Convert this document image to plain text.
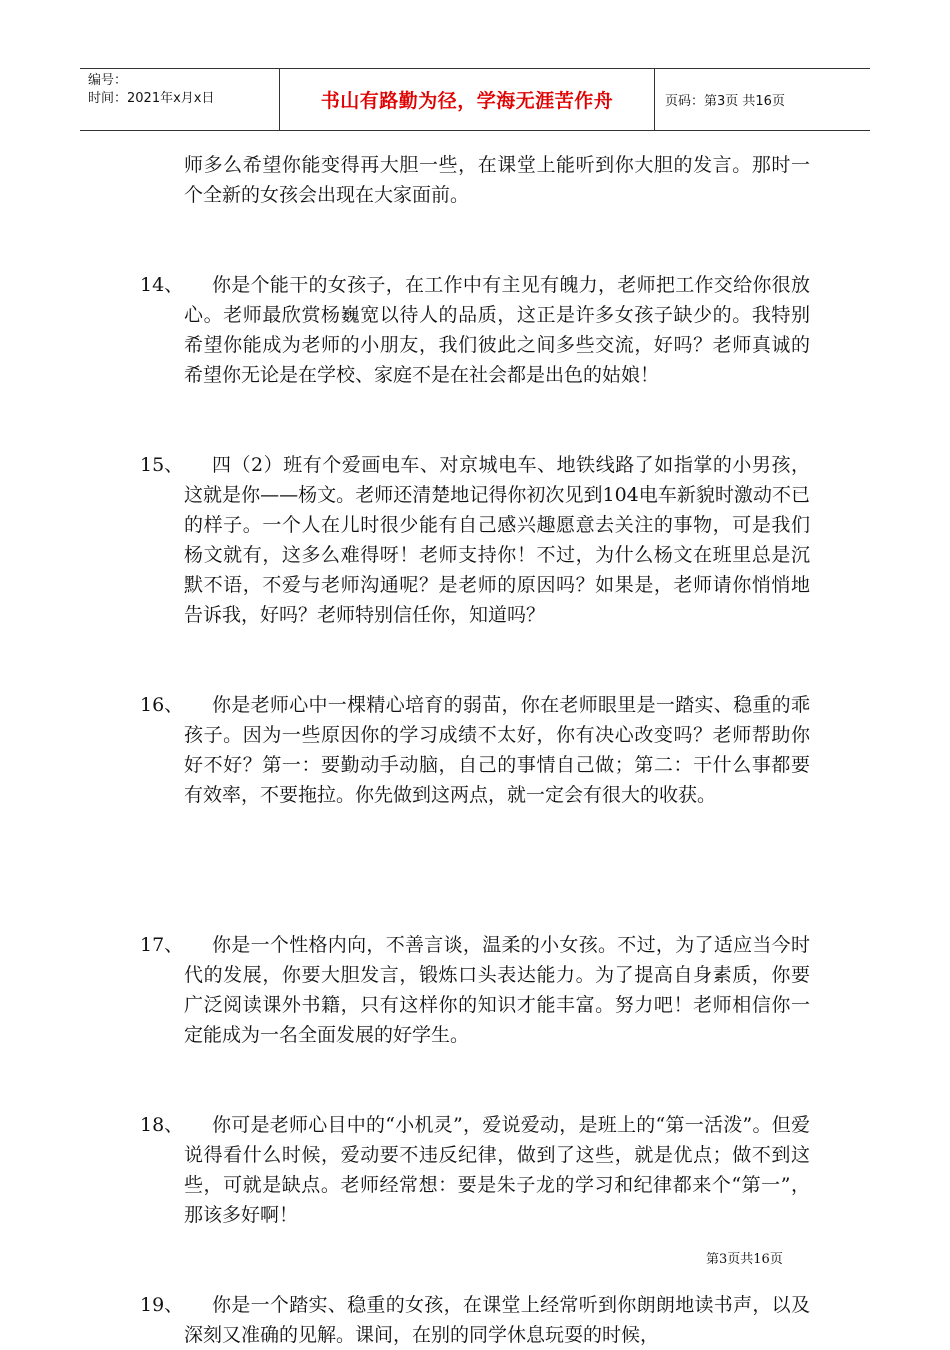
编号：
时间：2021年x月x日	书山有路勤为径，学海无涯苦作舟	页码：第3页 共16页
师多么希望你能变得再大胆一些，在课堂上能听到你大胆的发言。那时一个全新的女孩会出现在大家面前。
14、	你是个能干的女孩子，在工作中有主见有魄力，老师把工作交给你很放心。老师最欣赏杨巍宽以待人的品质，这正是许多女孩子缺少的。我特别希望你能成为老师的小朋友，我们彼此之间多些交流，好吗？老师真诚的希望你无论是在学校、家庭不是在社会都是出色的姑娘！
15、	四（2）班有个爱画电车、对京城电车、地铁线路了如指掌的小男孩，这就是你——杨文。老师还清楚地记得你初次见到104电车新貌时激动不已的样子。一个人在儿时很少能有自己感兴趣愿意去关注的事物，可是我们杨文就有，这多么难得呀！老师支持你！不过，为什么杨文在班里总是沉默不语，不爱与老师沟通呢？是老师的原因吗？如果是，老师请你悄悄地告诉我，好吗？老师特别信任你，知道吗？
16、	你是老师心中一棵精心培育的弱苗，你在老师眼里是一踏实、稳重的乖孩子。因为一些原因你的学习成绩不太好，你有决心改变吗？老师帮助你好不好？第一：要勤动手动脑，自己的事情自己做；第二：干什么事都要有效率，不要拖拉。你先做到这两点，就一定会有很大的收获。
17、	你是一个性格内向，不善言谈，温柔的小女孩。不过，为了适应当今时代的发展，你要大胆发言，锻炼口头表达能力。为了提高自身素质，你要广泛阅读课外书籍，只有这样你的知识才能丰富。努力吧！老师相信你一定能成为一名全面发展的好学生。
18、	你可是老师心目中的“小机灵”，爱说爱动，是班上的“第一活泼”。但爱说得看什么时候，爱动要不违反纪律，做到了这些，就是优点；做不到这些，可就是缺点。老师经常想：要是朱子龙的学习和纪律都来个“第一”，那该多好啊！
19、	你是一个踏实、稳重的女孩，在课堂上经常听到你朗朗地读书声，以及深刻又准确的见解。课间，在别的同学休息玩耍的时候，
第3页共16页
